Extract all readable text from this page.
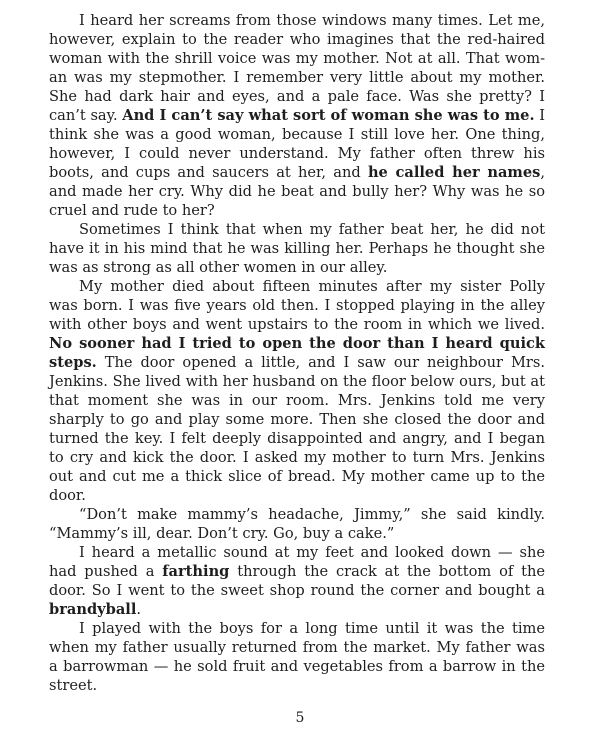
I heard her screams from those windows many times. Let me, however, explain to the reader who imagines that the red-haired woman with the shrill voice was my mother. Not at all. That woman was my stepmother. I remember very little about my mother. She had dark hair and eyes, and a pale face. Was she pretty? I can’t say. And I can’t say what sort of woman she was to me. I think she was a good woman, because I still love her. One thing, however, I could never understand. My father often threw his boots, and cups and saucers at her, and he called her names, and made her cry. Why did he beat and bully her? Why was he so cruel and rude to her?

Sometimes I think that when my father beat her, he did not have it in his mind that he was killing her. Perhaps he thought she was as strong as all other women in our alley.

My mother died about fifteen minutes after my sister Polly was born. I was five years old then. I stopped playing in the alley with other boys and went upstairs to the room in which we lived. No sooner had I tried to open the door than I heard quick steps. The door opened a little, and I saw our neighbour Mrs. Jenkins. She lived with her husband on the floor below ours, but at that moment she was in our room. Mrs. Jenkins told me very sharply to go and play some more. Then she closed the door and turned the key. I felt deeply disappointed and angry, and I began to cry and kick the door. I asked my mother to turn Mrs. Jenkins out and cut me a thick slice of bread. My mother came up to the door.

“Don’t make mammy’s headache, Jimmy,” she said kindly. “Mammy’s ill, dear. Don’t cry. Go, buy a cake.”

I heard a metallic sound at my feet and looked down — she had pushed a farthing through the crack at the bottom of the door. So I went to the sweet shop round the corner and bought a brandyball.

I played with the boys for a long time until it was the time when my father usually returned from the market. My father was a barrowman — he sold fruit and vegetables from a barrow in the street.

5
